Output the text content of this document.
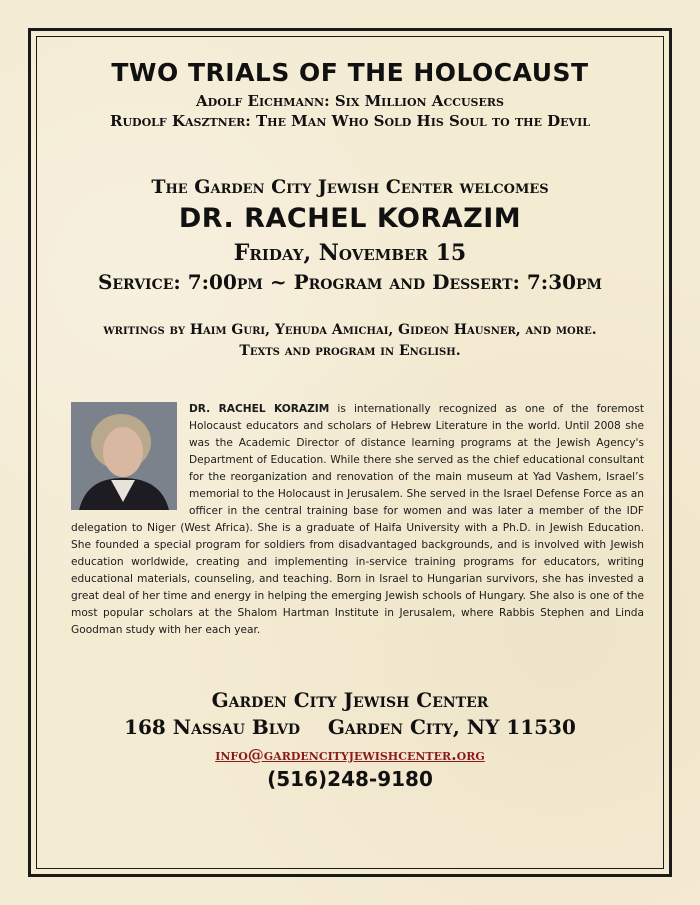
TWO TRIALS OF THE HOLOCAUST
Adolf Eichmann: Six Million Accusers
Rudolf Kasztner: The Man Who Sold His Soul to the Devil
The Garden City Jewish Center welcomes
DR. RACHEL KORAZIM
Friday, November 15
Service: 7:00pm ~ Program and Dessert: 7:30pm
writings by Haim Guri, Yehuda Amichai, Gideon Hausner, and more.
Texts and program in English.
DR. RACHEL KORAZIM is internationally recognized as one of the foremost Holocaust educators and scholars of Hebrew Literature in the world. Until 2008 she was the Academic Director of distance learning programs at the Jewish Agency's Department of Education. While there she served as the chief educational consultant for the reorganization and renovation of the main museum at Yad Vashem, Israel’s memorial to the Holocaust in Jerusalem. She served in the Israel Defense Force as an officer in the central training base for women and was later a member of the IDF delegation to Niger (West Africa). She is a graduate of Haifa University with a Ph.D. in Jewish Education. She founded a special program for soldiers from disadvantaged backgrounds, and is involved with Jewish education worldwide, creating and implementing in-service training programs for educators, writing educational materials, counseling, and teaching. Born in Israel to Hungarian survivors, she has invested a great deal of her time and energy in helping the emerging Jewish schools of Hungary. She also is one of the most popular scholars at the Shalom Hartman Institute in Jerusalem, where Rabbis Stephen and Linda Goodman study with her each year.
Garden City Jewish Center
168 Nassau Blvd    Garden City, NY 11530
info@gardencityjewishcenter.org
(516)248-9180
